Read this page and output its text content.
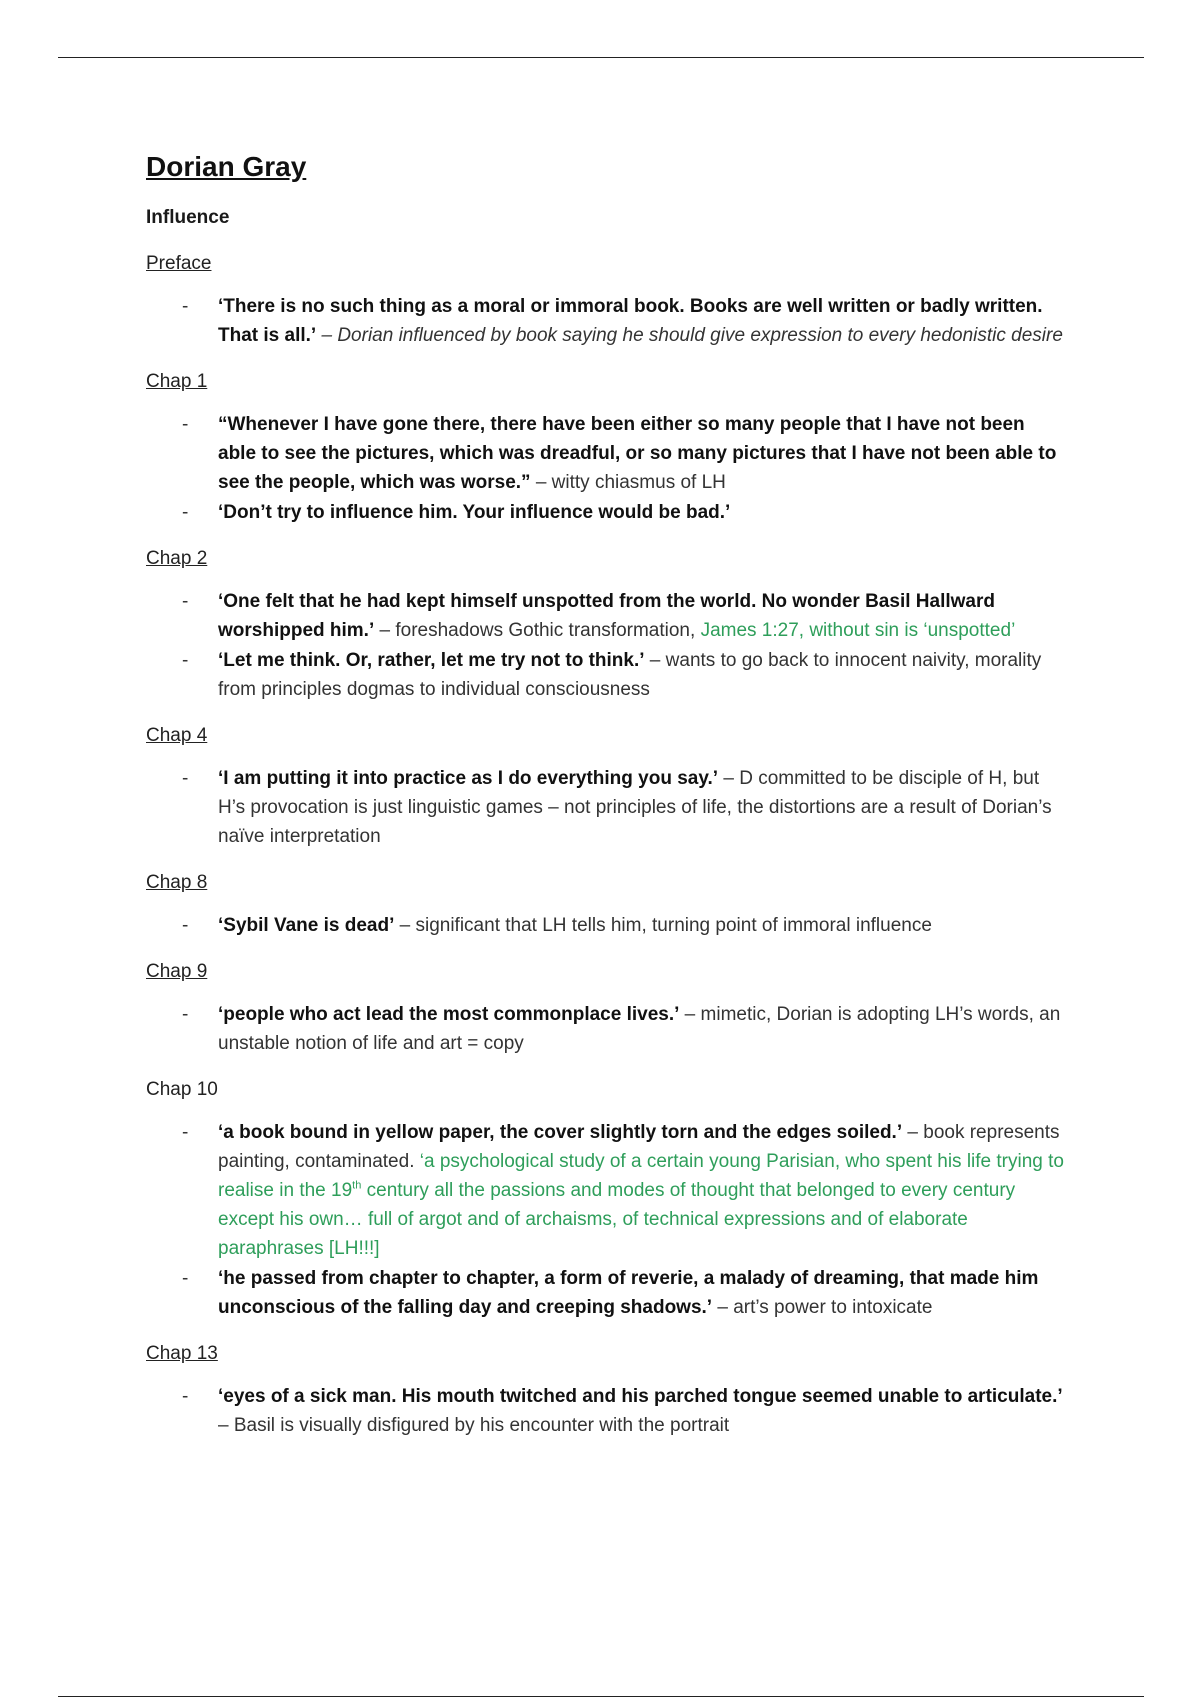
Dorian Gray

Influence

Preface

- ‘There is no such thing as a moral or immoral book. Books are well written or badly written. That is all.’ – Dorian influenced by book saying he should give expression to every hedonistic desire

Chap 1

- “Whenever I have gone there, there have been either so many people that I have not been able to see the pictures, which was dreadful, or so many pictures that I have not been able to see the people, which was worse.” – witty chiasmus of LH
- ‘Don’t try to influence him. Your influence would be bad.’

Chap 2

- ‘One felt that he had kept himself unspotted from the world. No wonder Basil Hallward worshipped him.’ – foreshadows Gothic transformation, James 1:27, without sin is ‘unspotted’
- ‘Let me think. Or, rather, let me try not to think.’ – wants to go back to innocent naivity, morality from principles dogmas to individual consciousness

Chap 4

- ‘I am putting it into practice as I do everything you say.’ – D committed to be disciple of H, but H’s provocation is just linguistic games – not principles of life, the distortions are a result of Dorian’s naïve interpretation

Chap 8

- ‘Sybil Vane is dead’ – significant that LH tells him, turning point of immoral influence

Chap 9

- ‘people who act lead the most commonplace lives.’ – mimetic, Dorian is adopting LH’s words, an unstable notion of life and art = copy

Chap 10

- ‘a book bound in yellow paper, the cover slightly torn and the edges soiled.’ – book represents painting, contaminated. ‘a psychological study of a certain young Parisian, who spent his life trying to realise in the 19th century all the passions and modes of thought that belonged to every century except his own… full of argot and of archaisms, of technical expressions and of elaborate paraphrases [LH!!!]
- ‘he passed from chapter to chapter, a form of reverie, a malady of dreaming, that made him unconscious of the falling day and creeping shadows.’ – art’s power to intoxicate

Chap 13

- ‘eyes of a sick man. His mouth twitched and his parched tongue seemed unable to articulate.’ – Basil is visually disfigured by his encounter with the portrait
